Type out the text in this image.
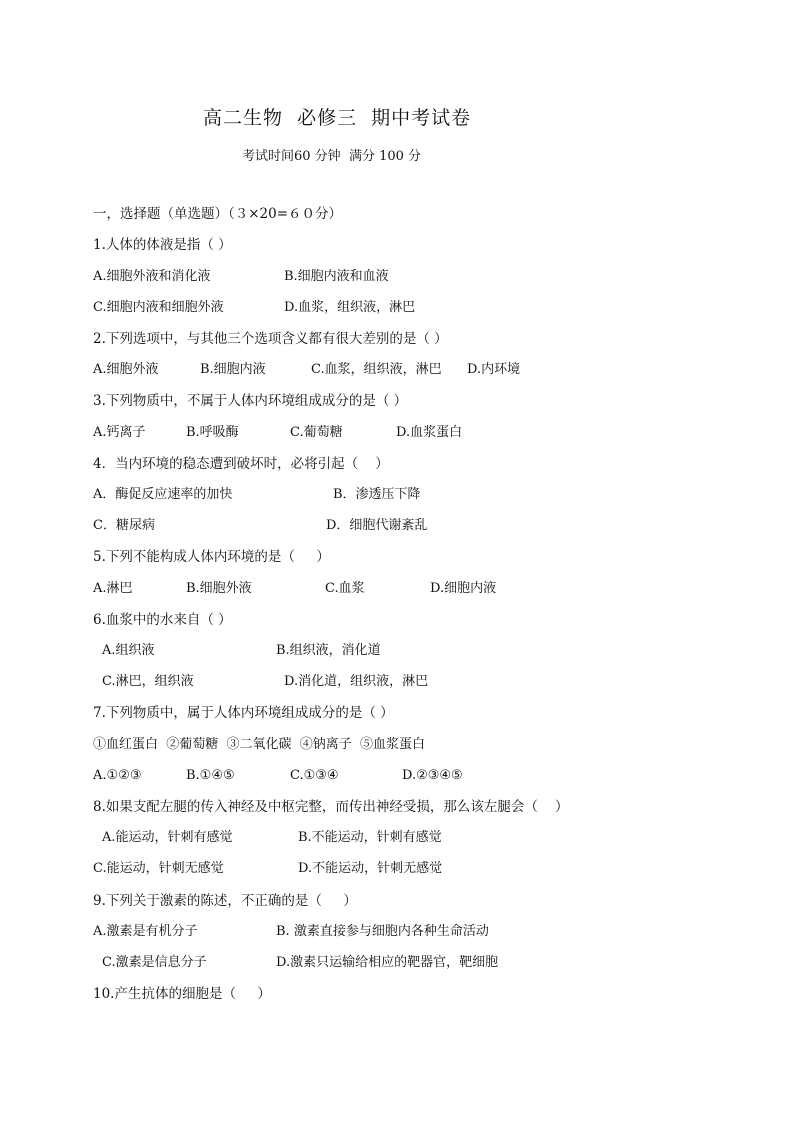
高二生物  必修三  期中考试卷
考试时间60 分钟  满分 100 分
一，选择题（单选题）（３×20=６０分）
1.人体的体液是指（ ）
A.细胞外液和消化液	B.细胞内液和血液
C.细胞内液和细胞外液	D.血浆，组织液，淋巴
2.下列选项中，与其他三个选项含义都有很大差别的是（ ）
A.细胞外液	B.细胞内液	C.血浆，组织液，淋巴 D.内环境
3.下列物质中，不属于人体内环境组成成分的是（ ）
A.钙离子	B.呼吸酶	C.葡萄糖	D.血浆蛋白
4．当内环境的稳态遭到破坏时，必将引起（    ）
A．酶促反应速率的加快	B．渗透压下降
C．糖尿病	D．细胞代谢紊乱
5.下列不能构成人体内环境的是（     ）
A.淋巴	B.细胞外液	C.血浆	D.细胞内液
6.血浆中的水来自（ ）
A.组织液	B.组织液，消化道
C.淋巴，组织液	D.消化道，组织液，淋巴
7.下列物质中，属于人体内环境组成成分的是（ ）
①血红蛋白  ②葡萄糖  ③二氧化碳  ④钠离子  ⑤血浆蛋白
A.①②③	B.①④⑤	C.①③④	D.②③④⑤
8.如果支配左腿的传入神经及中枢完整，而传出神经受损，那么该左腿会（    ）
A.能运动，针刺有感觉	B.不能运动，针刺有感觉
C.能运动，针刺无感觉	D.不能运动，针刺无感觉
9.下列关于激素的陈述，不正确的是（     ）
A.激素是有机分子	B. 激素直接参与细胞内各种生命活动
C.激素是信息分子	D.激素只运输给相应的靶器官，靶细胞
10.产生抗体的细胞是（     ）
